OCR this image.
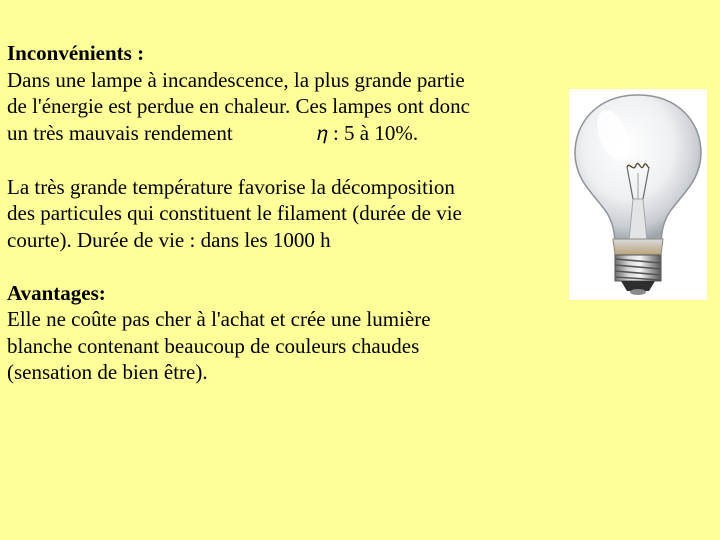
Inconvénients :

Dans une lampe à incandescence, la plus grande partie

de l'énergie est perdue en chaleur. Ces lampes ont donc

un très mauvais rendement	𝜂 : 5 à 10%.

La très grande température favorise la décomposition

des particules qui constituent le filament (durée de vie

courte). Durée de vie : dans les 1000 h

Avantages:

Elle ne coûte pas cher à l'achat et crée une lumière

blanche contenant beaucoup de couleurs chaudes

(sensation de bien être).
